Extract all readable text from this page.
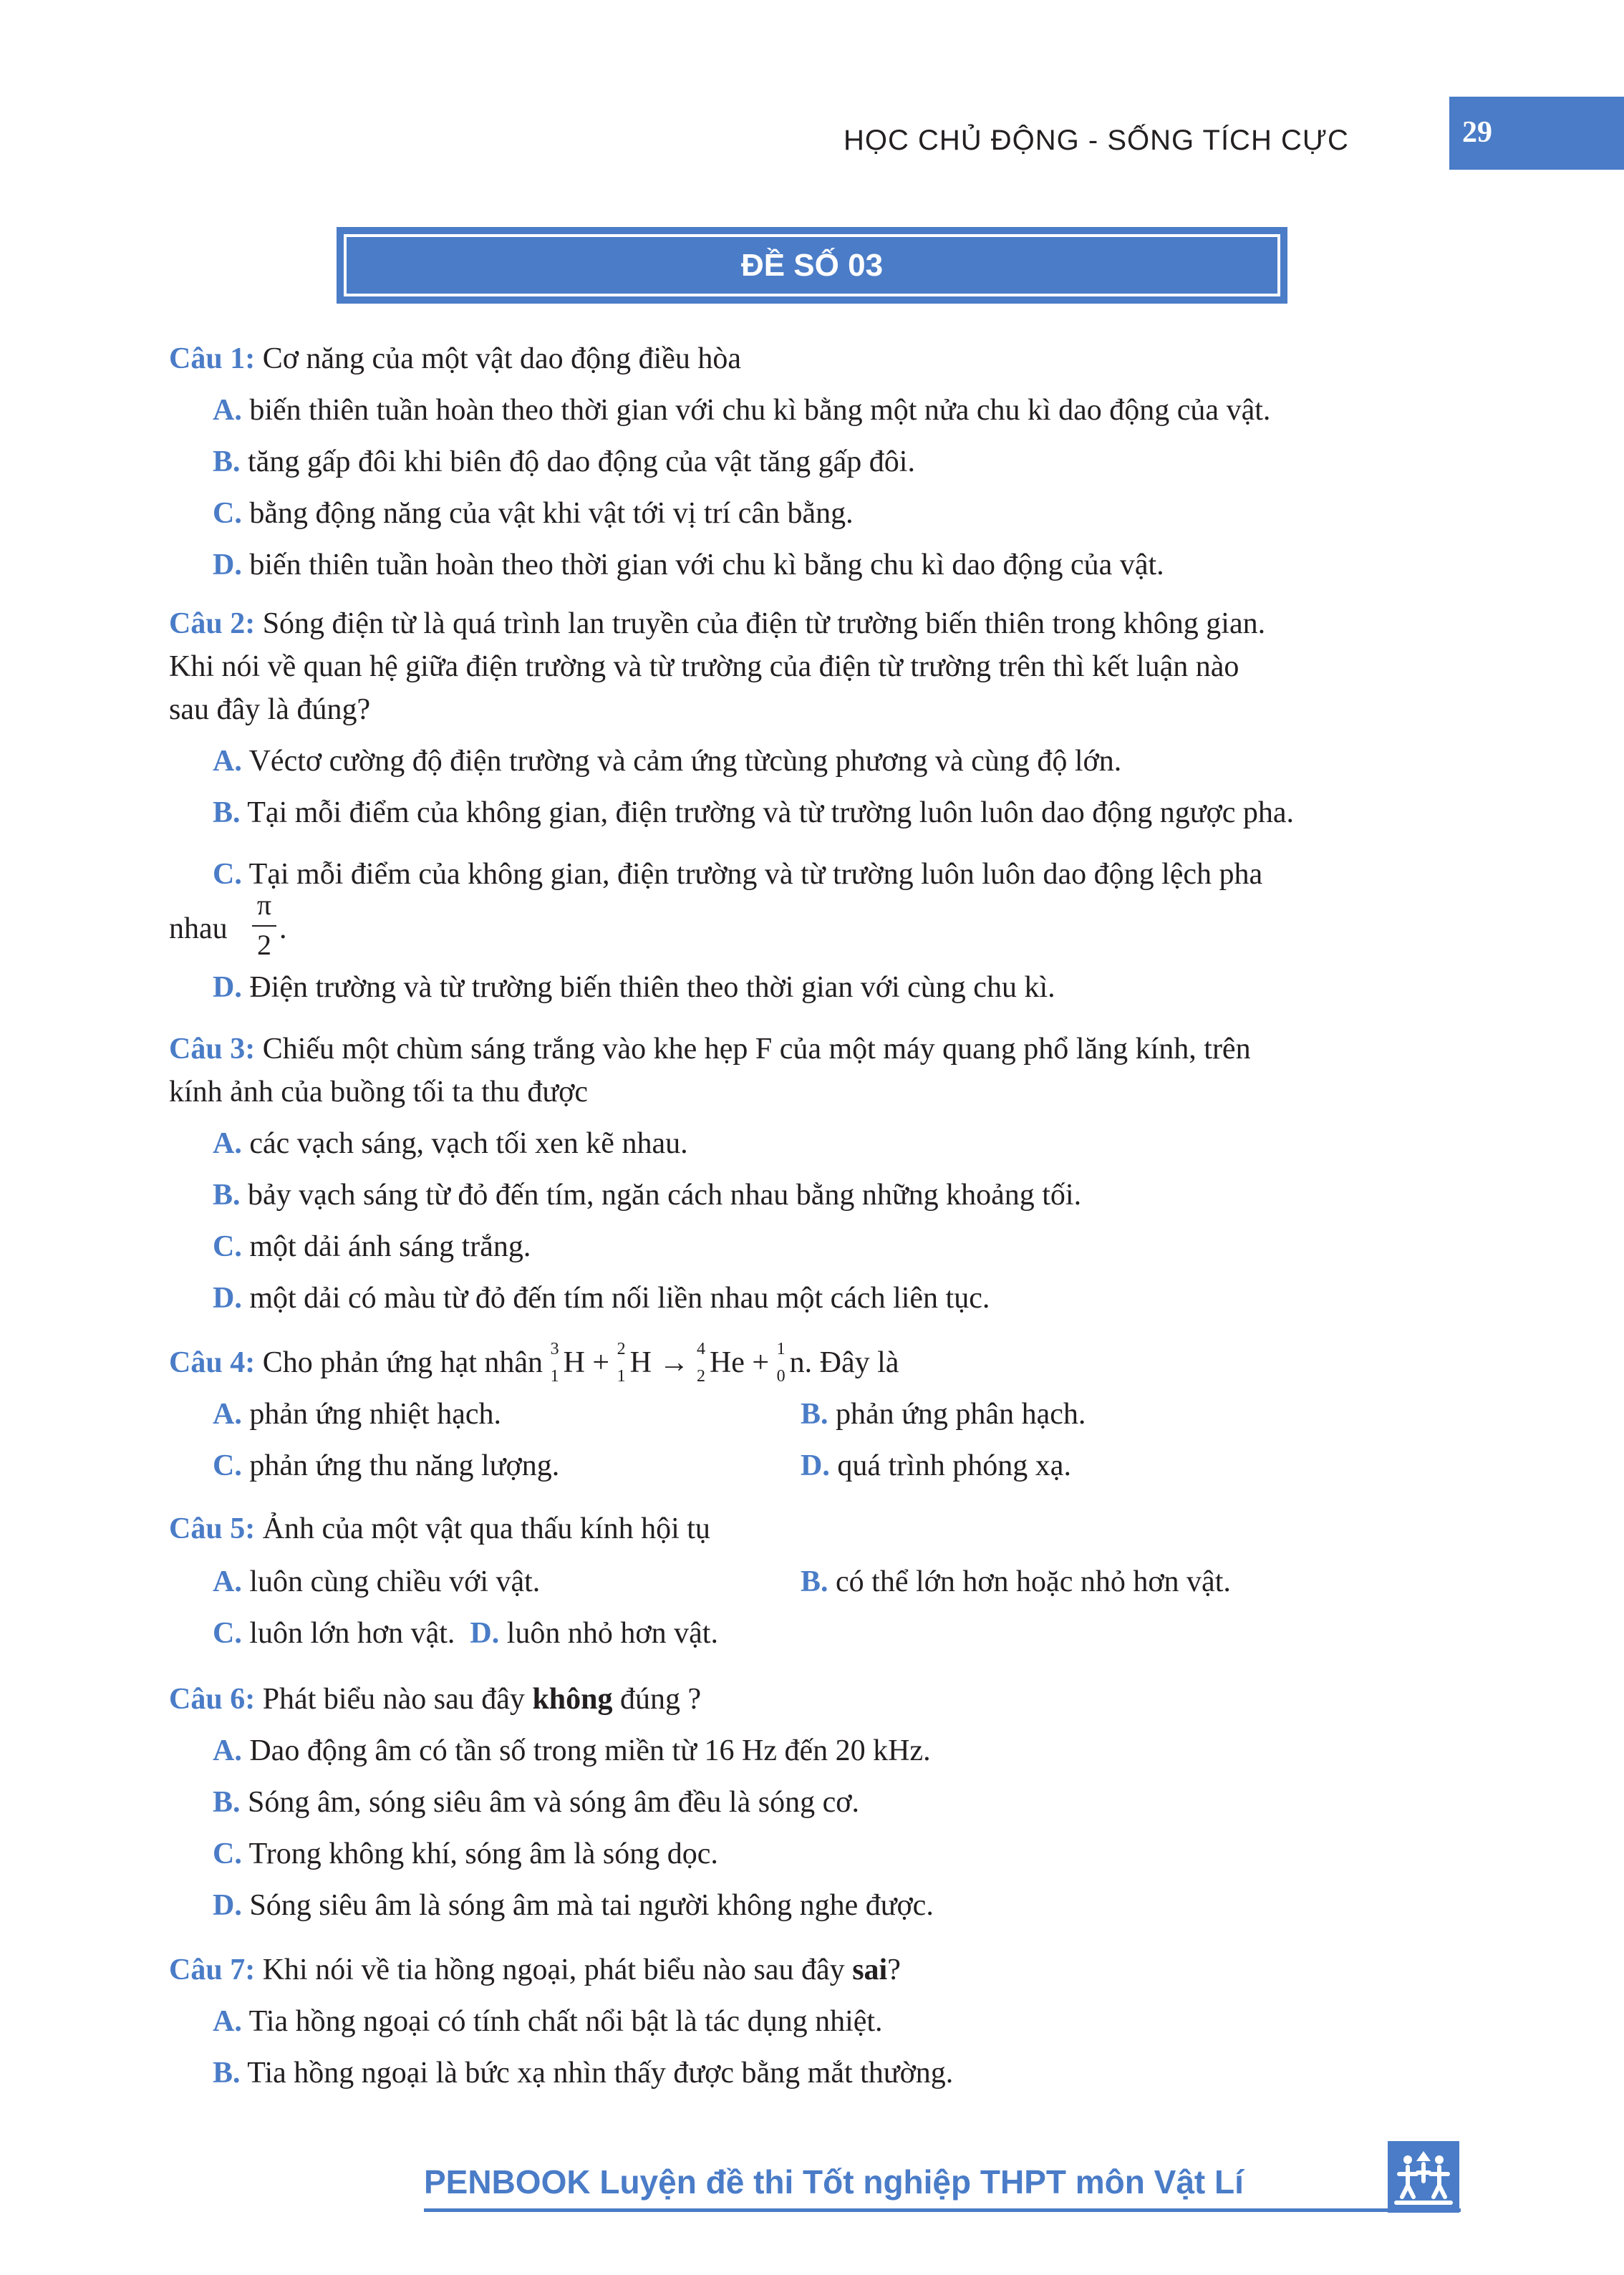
HỌC CHỦ ĐỘNG - SỐNG TÍCH CỰC	29
ĐỀ SỐ 03
Câu 1: Cơ năng của một vật dao động điều hòa
A. biến thiên tuần hoàn theo thời gian với chu kì bằng một nửa chu kì dao động của vật.
B. tăng gấp đôi khi biên độ dao động của vật tăng gấp đôi.
C. bằng động năng của vật khi vật tới vị trí cân bằng.
D. biến thiên tuần hoàn theo thời gian với chu kì bằng chu kì dao động của vật.
Câu 2: Sóng điện từ là quá trình lan truyền của điện từ trường biến thiên trong không gian.
Khi nói về quan hệ giữa điện trường và từ trường của điện từ trường trên thì kết luận nào
sau đây là đúng?
A. Véctơ cường độ điện trường và cảm ứng từcùng phương và cùng độ lớn.
B. Tại mỗi điểm của không gian, điện trường và từ trường luôn luôn dao động ngược pha.
C. Tại mỗi điểm của không gian, điện trường và từ trường luôn luôn dao động lệch pha
nhau
π
2 .
D. Điện trường và từ trường biến thiên theo thời gian với cùng chu kì.
Câu 3: Chiếu một chùm sáng trắng vào khe hẹp F của một máy quang phổ lăng kính, trên
kính ảnh của buồng tối ta thu được
A. các vạch sáng, vạch tối xen kẽ nhau.
B. bảy vạch sáng từ đỏ đến tím, ngăn cách nhau bằng những khoảng tối.
C. một dải ánh sáng trắng.
D. một dải có màu từ đỏ đến tím nối liền nhau một cách liên tục.
Câu 4: Cho phản ứng hạt nhân 3
1 H + 2
1 H → 4
2 He + 1
0 n. Đây là
A. phản ứng nhiệt hạch.	B. phản ứng phân hạch.
C. phản ứng thu năng lượng.	D. quá trình phóng xạ.
Câu 5: Ảnh của một vật qua thấu kính hội tụ
A. luôn cùng chiều với vật.	B. có thể lớn hơn hoặc nhỏ hơn vật.
C. luôn lớn hơn vật. D. luôn nhỏ hơn vật.
Câu 6: Phát biểu nào sau đây không đúng ?
A. Dao động âm có tần số trong miền từ 16 Hz đến 20 kHz.
B. Sóng âm, sóng siêu âm và sóng âm đều là sóng cơ.
C. Trong không khí, sóng âm là sóng dọc.
D. Sóng siêu âm là sóng âm mà tai người không nghe được.
Câu 7: Khi nói về tia hồng ngoại, phát biểu nào sau đây sai?
A. Tia hồng ngoại có tính chất nổi bật là tác dụng nhiệt.
B. Tia hồng ngoại là bức xạ nhìn thấy được bằng mắt thường.
PENBOOK Luyện đề thi Tốt nghiệp THPT môn Vật Lí
